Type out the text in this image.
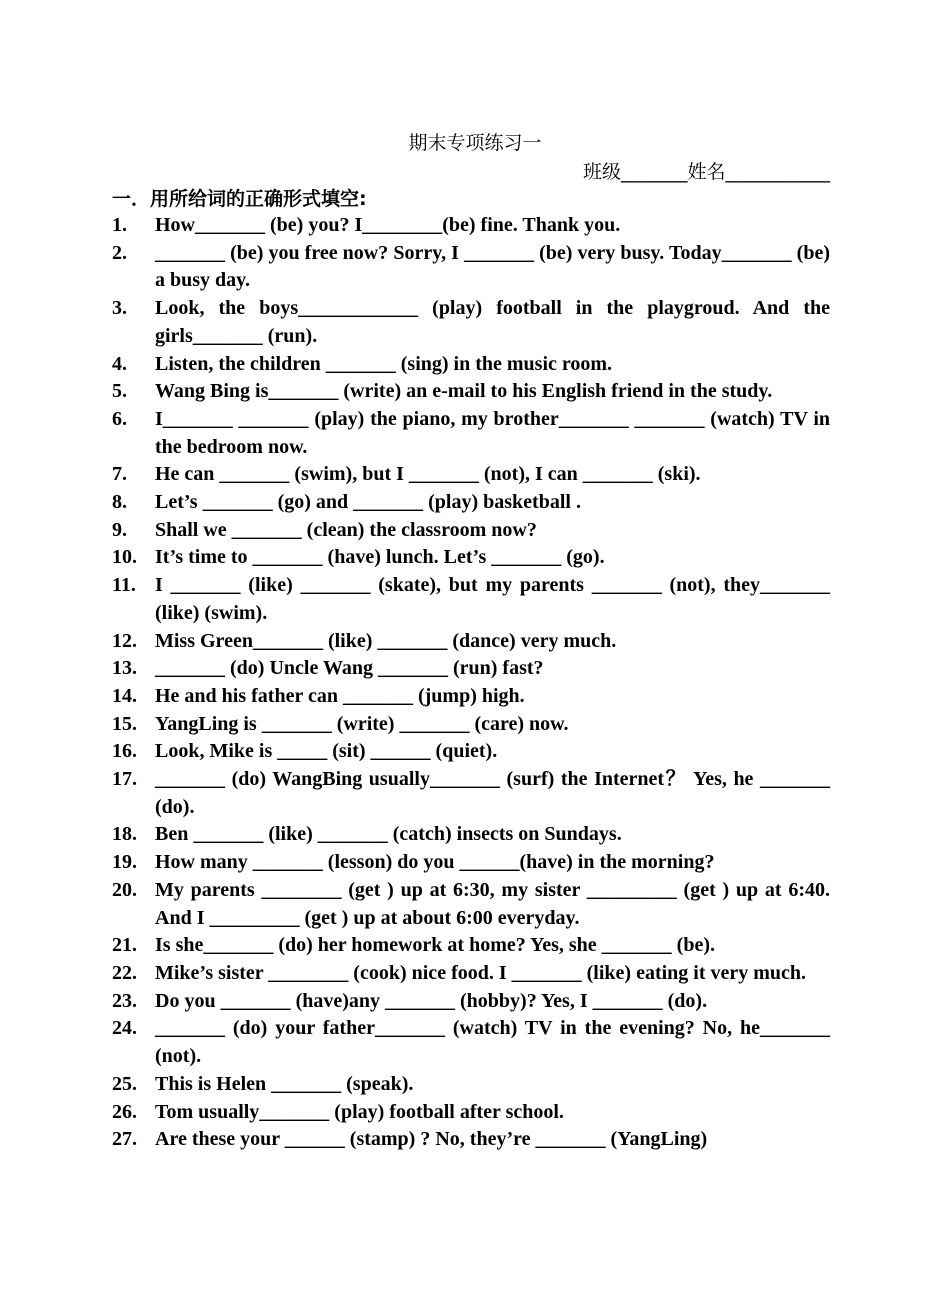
期末专项练习一
班级_______姓名___________
一．用所给词的正确形式填空:
1. How_______ (be) you? I________(be) fine. Thank you.
2. _______ (be) you free now? Sorry, I _______ (be) very busy. Today_______ (be) a busy day.
3. Look, the boys____________ (play) football in the playgroud. And the girls_______ (run).
4. Listen, the children _______ (sing) in the music room.
5. Wang Bing is_______ (write) an e-mail to his English friend in the study.
6. I_______ _______ (play) the piano, my brother_______ _______ (watch) TV in the bedroom now.
7. He can _______ (swim), but I _______ (not), I can _______ (ski).
8. Let’s _______ (go) and _______ (play) basketball .
9. Shall we _______ (clean) the classroom now?
10. It’s time to _______ (have) lunch. Let’s _______ (go).
11. I _______ (like) _______ (skate), but my parents _______ (not), they_______ (like) (swim).
12. Miss Green_______ (like) _______ (dance) very much.
13. _______ (do) Uncle Wang _______ (run) fast?
14. He and his father can _______ (jump) high.
15. YangLing is _______ (write) _______ (care) now.
16. Look, Mike is _____ (sit) ______ (quiet).
17. _______ (do) WangBing usually_______ (surf) the Internet？ Yes, he _______ (do).
18. Ben _______ (like) _______ (catch) insects on Sundays.
19. How many _______ (lesson) do you ______(have) in the morning?
20. My parents ________ (get ) up at 6:30, my sister _________ (get ) up at 6:40. And I _________ (get ) up at about 6:00 everyday.
21. Is she_______ (do) her homework at home? Yes, she _______ (be).
22. Mike’s sister ________ (cook) nice food. I _______ (like) eating it very much.
23. Do you _______ (have)any _______ (hobby)? Yes, I _______ (do).
24. _______ (do) your father_______ (watch) TV in the evening? No, he_______ (not).
25. This is Helen _______ (speak).
26. Tom usually_______ (play) football after school.
27. Are these your ______ (stamp) ? No, they’re _______ (YangLing)
